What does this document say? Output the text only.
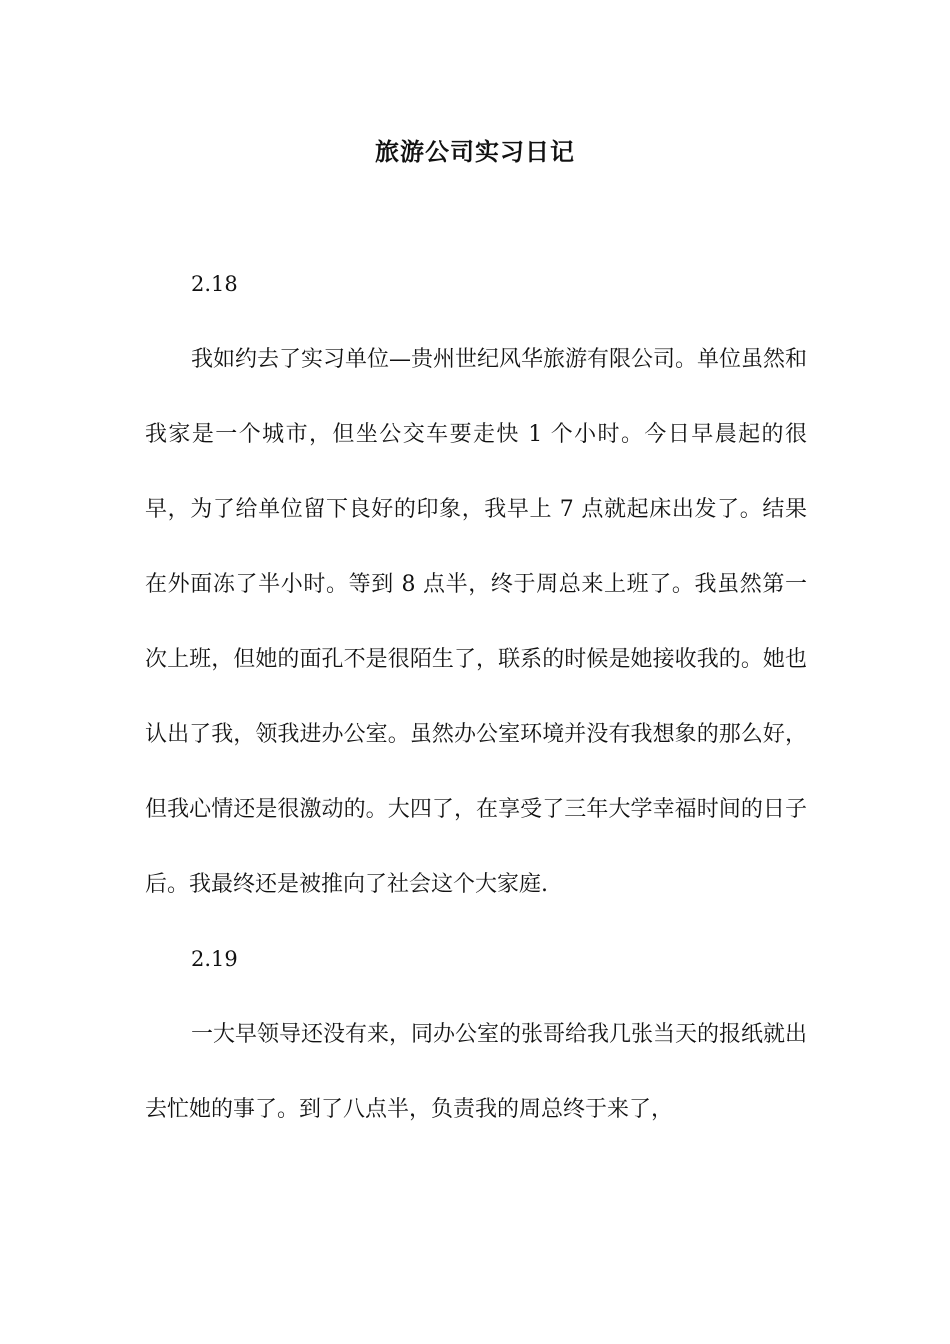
旅游公司实习日记

2.18

我如约去了实习单位—贵州世纪风华旅游有限公司。单位虽然和我家是一个城市，但坐公交车要走快 1 个小时。今日早晨起的很早，为了给单位留下良好的印象，我早上 7 点就起床出发了。结果在外面冻了半小时。等到 8 点半，终于周总来上班了。我虽然第一次上班，但她的面孔不是很陌生了，联系的时候是她接收我的。她也认出了我，领我进办公室。虽然办公室环境并没有我想象的那么好，但我心情还是很激动的。大四了，在享受了三年大学幸福时间的日子后。我最终还是被推向了社会这个大家庭.

2.19

一大早领导还没有来，同办公室的张哥给我几张当天的报纸就出去忙她的事了。到了八点半，负责我的周总终于来了，
